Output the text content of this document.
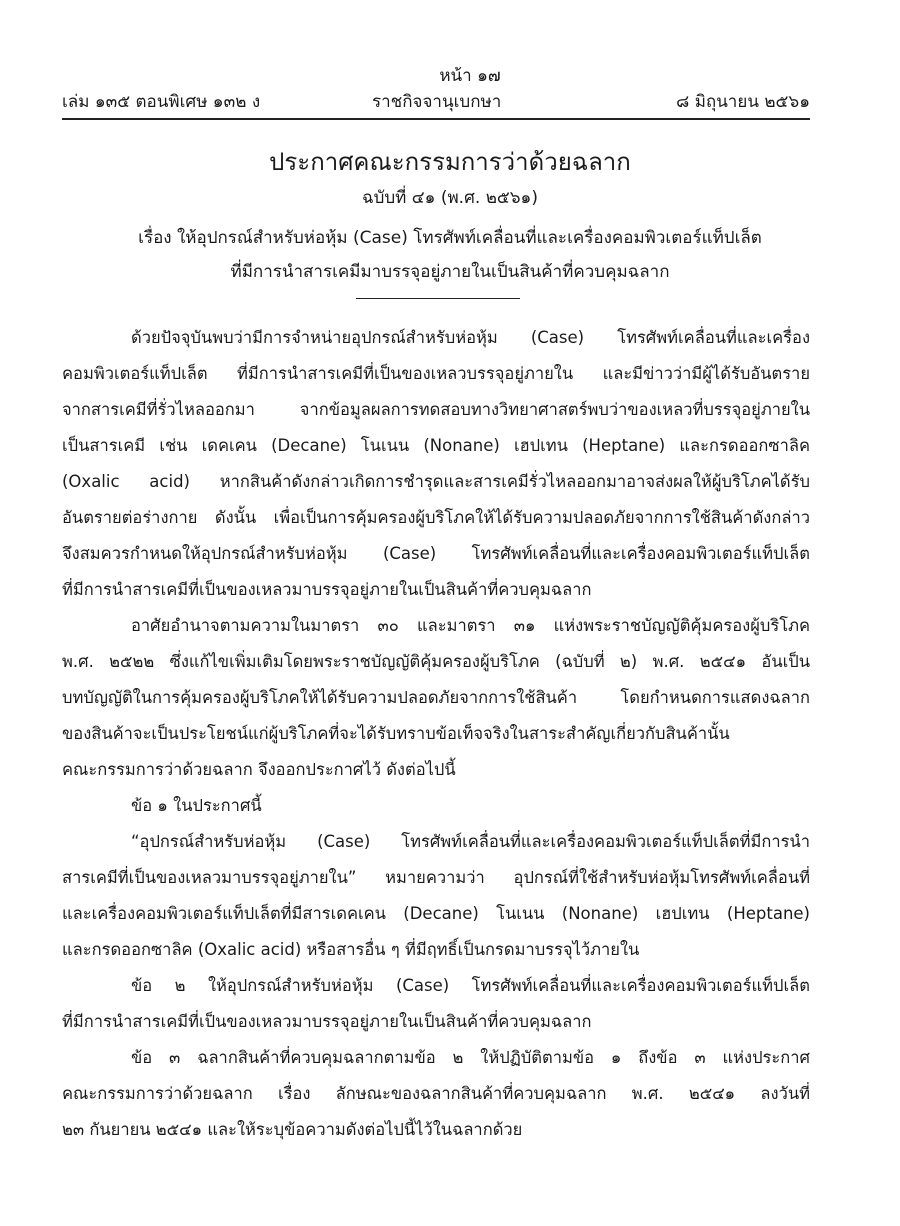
หน้า ๑๗
เล่ม ๑๓๕ ตอนพิเศษ ๑๓๒ ง	ราชกิจจานุเบกษา	๘ มิถุนายน ๒๕๖๑
ประกาศคณะกรรมการว่าด้วยฉลาก
ฉบับที่ ๔๑ (พ.ศ. ๒๕๖๑)
เรื่อง ให้อุปกรณ์สำหรับห่อหุ้ม (Case) โทรศัพท์เคลื่อนที่และเครื่องคอมพิวเตอร์แท็ปเล็ต
ที่มีการนำสารเคมีมาบรรจุอยู่ภายในเป็นสินค้าที่ควบคุมฉลาก
ด้วยปัจจุบันพบว่ามีการจำหน่ายอุปกรณ์สำหรับห่อหุ้ม (Case) โทรศัพท์เคลื่อนที่และเครื่อง
คอมพิวเตอร์แท็ปเล็ต ที่มีการนำสารเคมีที่เป็นของเหลวบรรจุอยู่ภายใน และมีข่าวว่ามีผู้ได้รับอันตราย
จากสารเคมีที่รั่วไหลออกมา จากข้อมูลผลการทดสอบทางวิทยาศาสตร์พบว่าของเหลวที่บรรจุอยู่ภายใน
เป็นสารเคมี เช่น เดคเคน (Decane) โนเนน (Nonane) เฮปเทน (Heptane) และกรดออกซาลิค
(Oxalic acid) หากสินค้าดังกล่าวเกิดการชำรุดและสารเคมีรั่วไหลออกมาอาจส่งผลให้ผู้บริโภคได้รับ
อันตรายต่อร่างกาย ดังนั้น เพื่อเป็นการคุ้มครองผู้บริโภคให้ได้รับความปลอดภัยจากการใช้สินค้าดังกล่าว
จึงสมควรกำหนดให้อุปกรณ์สำหรับห่อหุ้ม (Case) โทรศัพท์เคลื่อนที่และเครื่องคอมพิวเตอร์แท็ปเล็ต
ที่มีการนำสารเคมีที่เป็นของเหลวมาบรรจุอยู่ภายในเป็นสินค้าที่ควบคุมฉลาก
อาศัยอำนาจตามความในมาตรา ๓๐ และมาตรา ๓๑ แห่งพระราชบัญญัติคุ้มครองผู้บริโภค
พ.ศ. ๒๕๒๒ ซึ่งแก้ไขเพิ่มเติมโดยพระราชบัญญัติคุ้มครองผู้บริโภค (ฉบับที่ ๒) พ.ศ. ๒๕๔๑ อันเป็น
บทบัญญัติในการคุ้มครองผู้บริโภคให้ได้รับความปลอดภัยจากการใช้สินค้า โดยกำหนดการแสดงฉลาก
ของสินค้าจะเป็นประโยชน์แก่ผู้บริโภคที่จะได้รับทราบข้อเท็จจริงในสาระสำคัญเกี่ยวกับสินค้านั้น
คณะกรรมการว่าด้วยฉลาก จึงออกประกาศไว้ ดังต่อไปนี้
ข้อ ๑ ในประกาศนี้
“อุปกรณ์สำหรับห่อหุ้ม (Case) โทรศัพท์เคลื่อนที่และเครื่องคอมพิวเตอร์แท็ปเล็ตที่มีการนำ
สารเคมีที่เป็นของเหลวมาบรรจุอยู่ภายใน” หมายความว่า อุปกรณ์ที่ใช้สำหรับห่อหุ้มโทรศัพท์เคลื่อนที่
และเครื่องคอมพิวเตอร์แท็ปเล็ตที่มีสารเดคเคน (Decane) โนเนน (Nonane) เฮปเทน (Heptane)
และกรดออกซาลิค (Oxalic acid) หรือสารอื่น ๆ ที่มีฤทธิ์เป็นกรดมาบรรจุไว้ภายใน
ข้อ ๒ ให้อุปกรณ์สำหรับห่อหุ้ม (Case) โทรศัพท์เคลื่อนที่และเครื่องคอมพิวเตอร์แท็ปเล็ต
ที่มีการนำสารเคมีที่เป็นของเหลวมาบรรจุอยู่ภายในเป็นสินค้าที่ควบคุมฉลาก
ข้อ ๓ ฉลากสินค้าที่ควบคุมฉลากตามข้อ ๒ ให้ปฏิบัติตามข้อ ๑ ถึงข้อ ๓ แห่งประกาศ
คณะกรรมการว่าด้วยฉลาก เรื่อง ลักษณะของฉลากสินค้าที่ควบคุมฉลาก พ.ศ. ๒๕๔๑ ลงวันที่
๒๓ กันยายน ๒๕๔๑ และให้ระบุข้อความดังต่อไปนี้ไว้ในฉลากด้วย
